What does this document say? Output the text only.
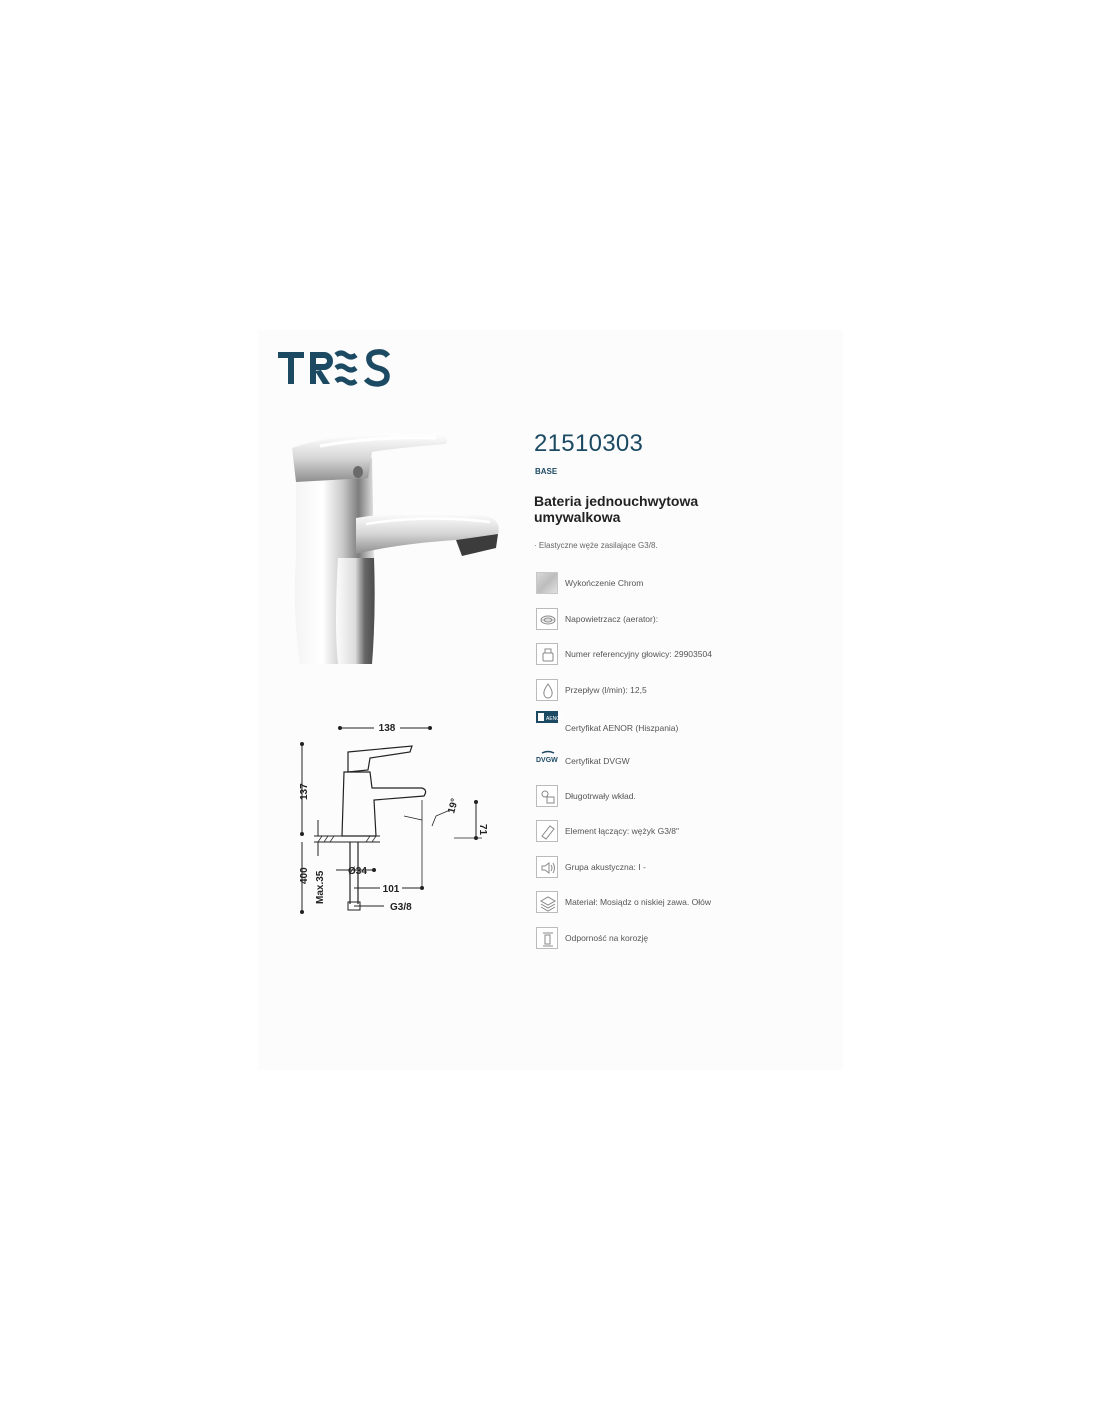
138
137
400 Max.35 Ø34
101
G3/8
19°
71
21510303
BASE
Bateria jednouchwytowa umywalkowa
· Elastyczne węże zasilające G3/8.
Wykończenie Chrom
Napowietrzacz (aerator):
Numer referencyjny głowicy: 29903504
Przepływ (l/min): 12,5
AENOR
Certyfikat AENOR (Hiszpania)
DVGW Certyfikat DVGW
Długotrwały wkład.
Element łączący: wężyk G3/8"
Grupa akustyczna: I -
Materiał: Mosiądz o niskiej zawa. Ołów
Odporność na korozję
